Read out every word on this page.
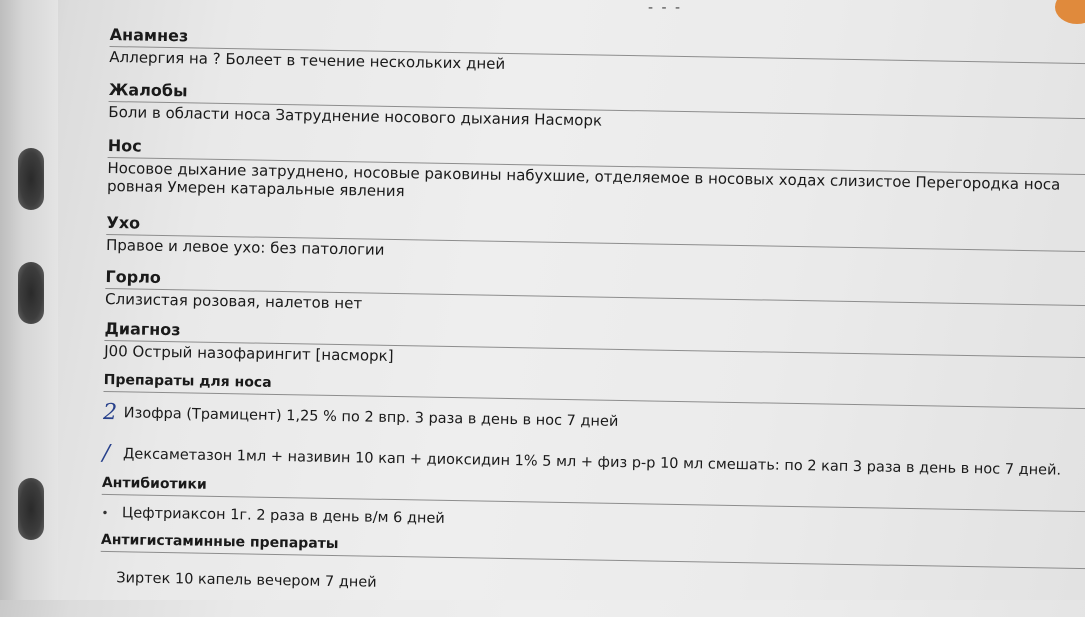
- - -
Анамнез
Аллергия на ? Болеет в течение нескольких дней
Жалобы
Боли в области носа Затруднение носового дыхания Насморк
Нос
Носовое дыхание затруднено, носовые раковины набухшие, отделяемое в носовых ходах слизистое Перегородка носа ровная Умерен катаральные явления
Ухо
Правое и левое ухо: без патологии
Горло
Слизистая розовая, налетов нет
Диагноз
J00 Острый назофарингит [насморк]
Препараты для носа
2 Изофра (Трамицент) 1,25 % по 2 впр. 3 раза в день в нос 7 дней
/ Дексаметазон 1мл + називин 10 кап + диоксидин 1% 5 мл + физ р-р 10 мл смешать: по 2 кап 3 раза в день в нос 7 дней.
Антибиотики
• Цефтриаксон 1г. 2 раза в день в/м 6 дней
Антигистаминные препараты
Зиртек 10 капель вечером 7 дней
